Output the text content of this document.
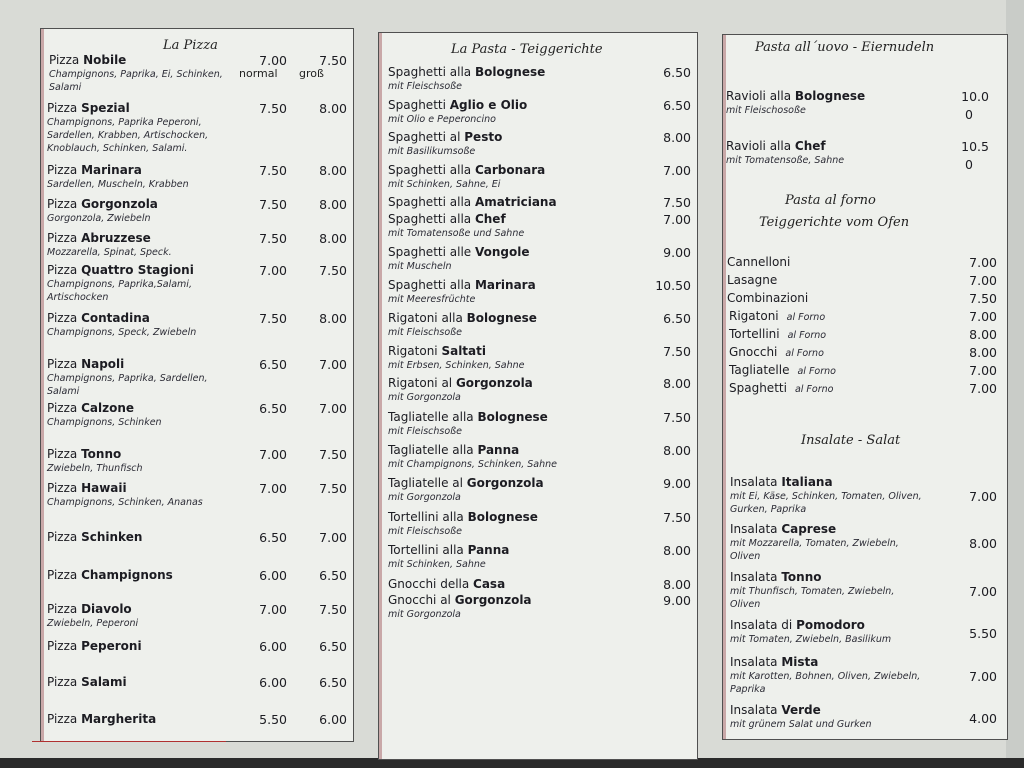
La Pizza
normal groß
Pizza Nobile
Champignons, Paprika, Ei, Schinken,
Salami
7.00	7.50
Pizza Spezial
Champignons, Paprika Peperoni,
Sardellen, Krabben, Artischocken,
Knoblauch, Schinken, Salami.
7.50	8.00
Pizza Marinara
Sardellen, Muscheln, Krabben
7.50	8.00
Pizza Gorgonzola
Gorgonzola, Zwiebeln
7.50	8.00
Pizza Abruzzese
Mozzarella, Spinat, Speck.
7.50	8.00
Pizza Quattro Stagioni
Champignons, Paprika,Salami,
Artischocken
7.00	7.50
Pizza Contadina
Champignons, Speck, Zwiebeln
7.50	8.00
Pizza Napoli
Champignons, Paprika, Sardellen,
Salami
6.50	7.00
Pizza Calzone
Champignons, Schinken
6.50	7.00
Pizza Tonno
Zwiebeln, Thunfisch
7.00	7.50
Pizza Hawaii
Champignons, Schinken, Ananas
7.00	7.50
Pizza Schinken	6.50	7.00
Pizza Champignons	6.00	6.50
Pizza Diavolo
Zwiebeln, Peperoni
7.00	7.50
Pizza Peperoni	6.00	6.50
Pizza Salami	6.00	6.50
Pizza Margherita	5.50	6.00
La Pasta - Teiggerichte
Spaghetti alla Bolognese
mit Fleischsoße
6.50
Spaghetti Aglio e Olio
mit Olio e Peperoncino
6.50
Spaghetti al Pesto
mit Basilikumsoße
8.00
Spaghetti alla Carbonara
mit Schinken, Sahne, Ei
7.00
Spaghetti alla Amatriciana	7.50
Spaghetti alla Chef
mit Tomatensoße und Sahne
7.00
Spaghetti alle Vongole
mit Muscheln
9.00
Spaghetti alla Marinara
mit Meeresfrüchte
10.50
Rigatoni alla Bolognese
mit Fleischsoße
6.50
Rigatoni Saltati
mit Erbsen, Schinken, Sahne
7.50
Rigatoni al Gorgonzola
mit Gorgonzola
8.00
Tagliatelle alla Bolognese
mit Fleischsoße
7.50
Tagliatelle alla Panna
mit Champignons, Schinken, Sahne
8.00
Tagliatelle al Gorgonzola
mit Gorgonzola
9.00
Tortellini alla Bolognese
mit Fleischsoße
7.50
Tortellini alla Panna
mit Schinken, Sahne
8.00
Gnocchi della Casa	8.00
Gnocchi al Gorgonzola
mit Gorgonzola
9.00
Pasta all´uovo - Eiernudeln
Ravioli alla Bolognese
mit Fleischosoße
10.0
0
Ravioli alla Chef
mit Tomatensoße, Sahne
10.5
0
Pasta al forno
Teiggerichte vom Ofen
Cannelloni	7.00
Lasagne	7.00
Combinazioni	7.50
Rigatoni al Forno	7.00
Tortellini al Forno	8.00
Gnocchi al Forno	8.00
Tagliatelle al Forno	7.00
Spaghetti al Forno	7.00
Insalate - Salat
Insalata Italiana
mit Ei, Käse, Schinken, Tomaten, Oliven,
Gurken, Paprika
7.00
Insalata Caprese
mit Mozzarella, Tomaten, Zwiebeln,
Oliven
8.00
Insalata Tonno
mit Thunfisch, Tomaten, Zwiebeln,
Oliven
7.00
Insalata di Pomodoro
mit Tomaten, Zwiebeln, Basilikum	5.50
Insalata Mista
mit Karotten, Bohnen, Oliven, Zwiebeln,
Paprika
7.00
Insalata Verde
mit grünem Salat und Gurken	4.00
